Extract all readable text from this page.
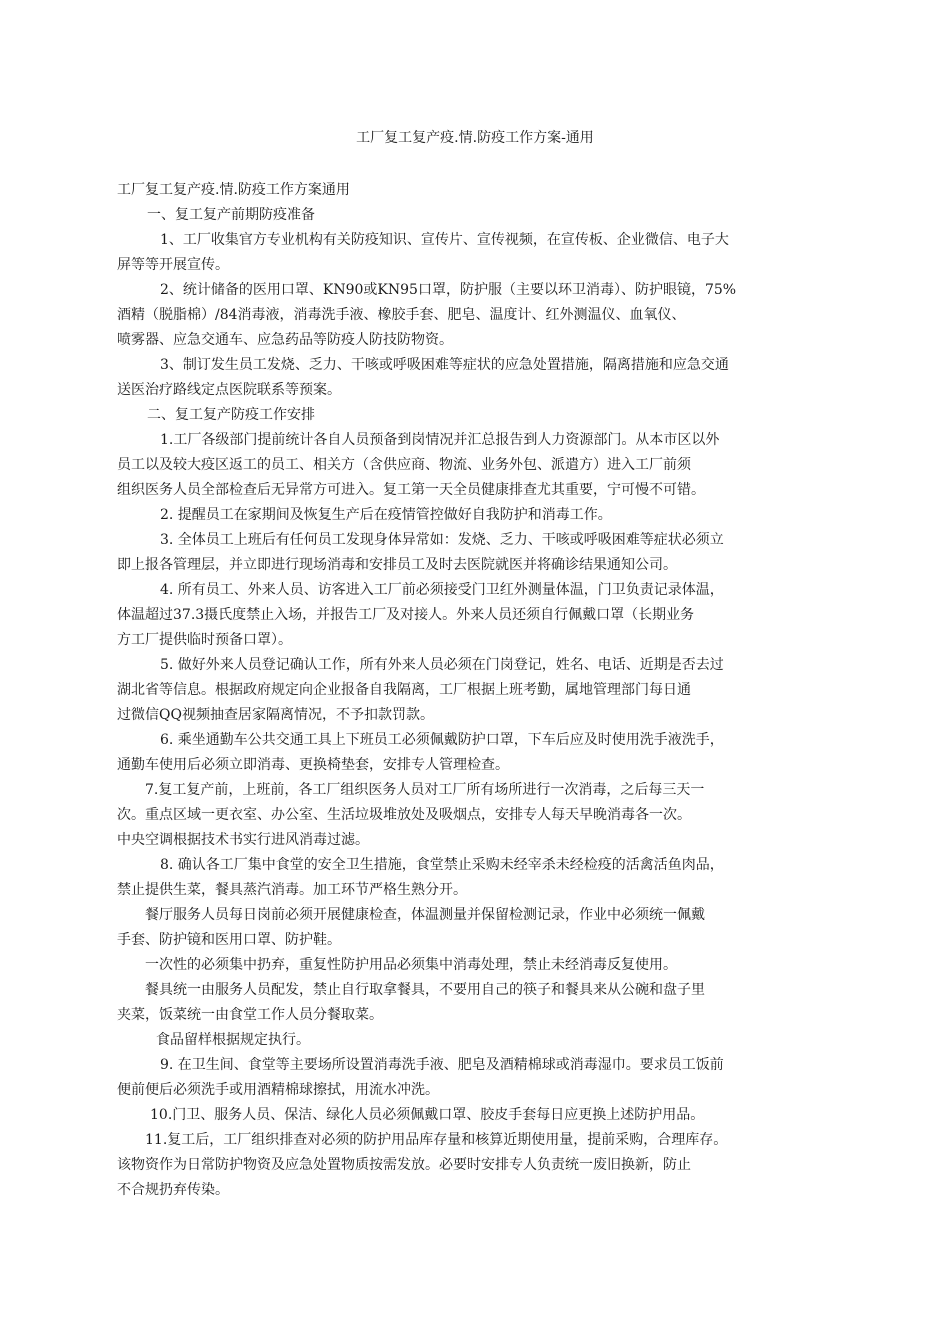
工厂复工复产疫.情.防疫工作方案-通用
工厂复工复产疫.情.防疫工作方案通用
一、复工复产前期防疫准备
1、工厂收集官方专业机构有关防疫知识、宣传片、宣传视频，在宣传板、企业微信、电子大
屏等等开展宣传。
2、统计储备的医用口罩、KN90或KN95口罩，防护服（主要以环卫消毒）、防护眼镜，75%
酒精（脱脂棉）/84消毒液，消毒洗手液、橡胶手套、肥皂、温度计、红外测温仪、血氧仪、
喷雾器、应急交通车、应急药品等防疫人防技防物资。
3、制订发生员工发烧、乏力、干咳或呼吸困难等症状的应急处置措施，隔离措施和应急交通
送医治疗路线定点医院联系等预案。
二、复工复产防疫工作安排
1.工厂各级部门提前统计各自人员预备到岗情况并汇总报告到人力资源部门。从本市区以外
员工以及较大疫区返工的员工、相关方（含供应商、物流、业务外包、派遣方）进入工厂前须
组织医务人员全部检查后无异常方可进入。复工第一天全员健康排查尤其重要，宁可慢不可错。
2. 提醒员工在家期间及恢复生产后在疫情管控做好自我防护和消毒工作。
3. 全体员工上班后有任何员工发现身体异常如：发烧、乏力、干咳或呼吸困难等症状必须立
即上报各管理层，并立即进行现场消毒和安排员工及时去医院就医并将确诊结果通知公司。
4. 所有员工、外来人员、访客进入工厂前必须接受门卫红外测量体温，门卫负责记录体温，
体温超过37.3摄氏度禁止入场，并报告工厂及对接人。外来人员还须自行佩戴口罩（长期业务
方工厂提供临时预备口罩）。
5. 做好外来人员登记确认工作，所有外来人员必须在门岗登记，姓名、电话、近期是否去过
湖北省等信息。根据政府规定向企业报备自我隔离，工厂根据上班考勤，属地管理部门每日通
过微信QQ视频抽查居家隔离情况，不予扣款罚款。
6. 乘坐通勤车公共交通工具上下班员工必须佩戴防护口罩，下车后应及时使用洗手液洗手，
通勤车使用后必须立即消毒、更换椅垫套，安排专人管理检查。
7.复工复产前，上班前，各工厂组织医务人员对工厂所有场所进行一次消毒，之后每三天一
次。重点区域一更衣室、办公室、生活垃圾堆放处及吸烟点，安排专人每天早晚消毒各一次。
中央空调根据技术书实行进风消毒过滤。
8. 确认各工厂集中食堂的安全卫生措施，食堂禁止采购未经宰杀未经检疫的活禽活鱼肉品，
禁止提供生菜，餐具蒸汽消毒。加工环节严格生熟分开。
餐厅服务人员每日岗前必须开展健康检查，体温测量并保留检测记录，作业中必须统一佩戴
手套、防护镜和医用口罩、防护鞋。
一次性的必须集中扔弃，重复性防护用品必须集中消毒处理，禁止未经消毒反复使用。
餐具统一由服务人员配发，禁止自行取拿餐具，不要用自己的筷子和餐具来从公碗和盘子里
夹菜，饭菜统一由食堂工作人员分餐取菜。
食品留样根据规定执行。
9. 在卫生间、食堂等主要场所设置消毒洗手液、肥皂及酒精棉球或消毒湿巾。要求员工饭前
便前便后必须洗手或用酒精棉球擦拭，用流水冲洗。
10.门卫、服务人员、保洁、绿化人员必须佩戴口罩、胶皮手套每日应更换上述防护用品。
11.复工后，工厂组织排查对必须的防护用品库存量和核算近期使用量，提前采购，合理库存。
该物资作为日常防护物资及应急处置物质按需发放。必要时安排专人负责统一废旧换新，防止
不合规扔弃传染。
